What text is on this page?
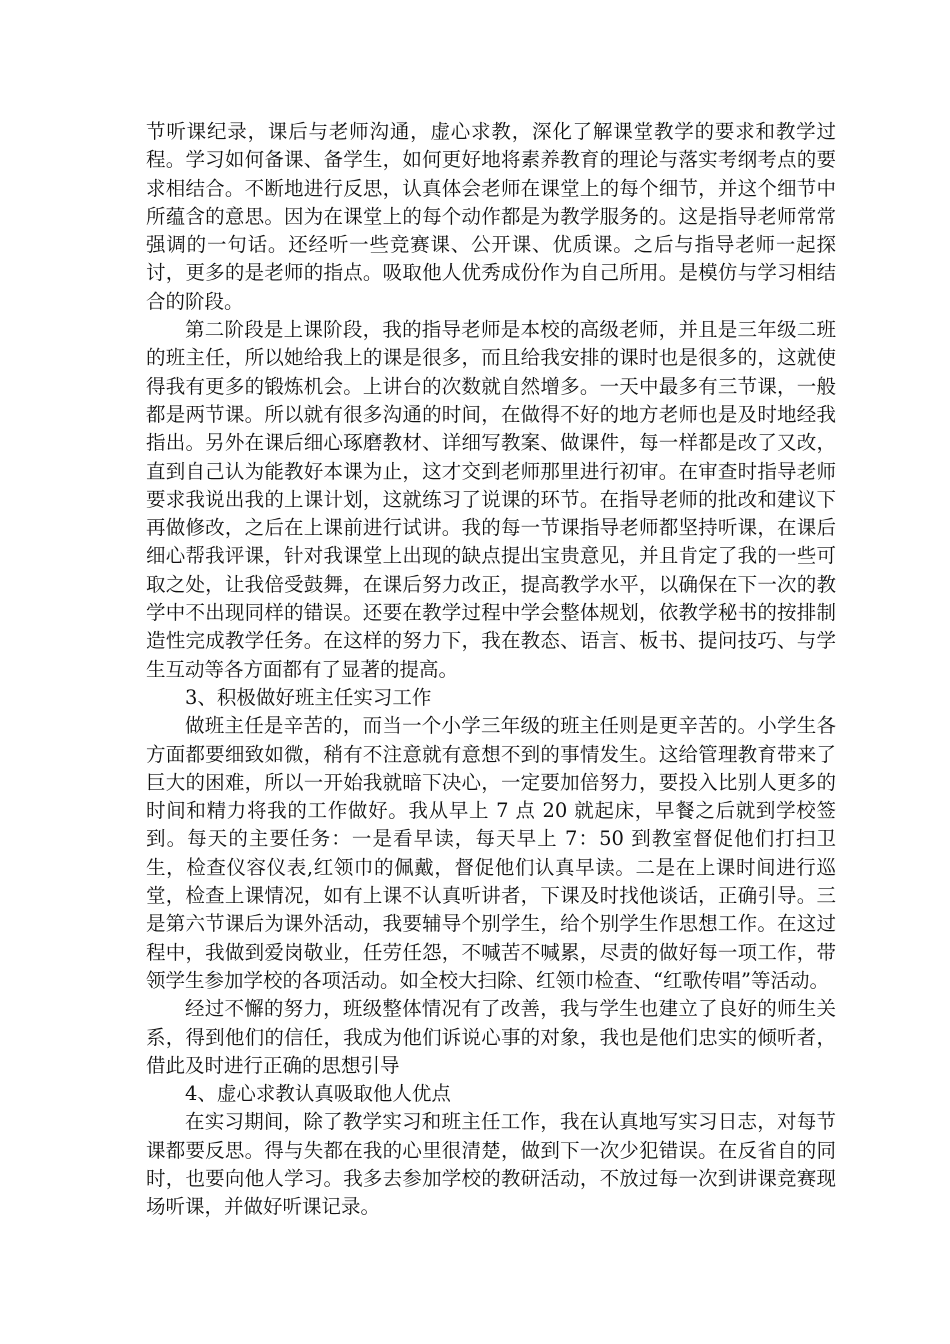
节听课纪录，课后与老师沟通，虚心求教，深化了解课堂教学的要求和教学过程。学习如何备课、备学生，如何更好地将素养教育的理论与落实考纲考点的要求相结合。不断地进行反思，认真体会老师在课堂上的每个细节，并这个细节中所蕴含的意思。因为在课堂上的每个动作都是为教学服务的。这是指导老师常常强调的一句话。还经听一些竞赛课、公开课、优质课。之后与指导老师一起探讨，更多的是老师的指点。吸取他人优秀成份作为自己所用。是模仿与学习相结合的阶段。

第二阶段是上课阶段，我的指导老师是本校的高级老师，并且是三年级二班的班主任，所以她给我上的课是很多，而且给我安排的课时也是很多的，这就使得我有更多的锻炼机会。上讲台的次数就自然增多。一天中最多有三节课，一般都是两节课。所以就有很多沟通的时间，在做得不好的地方老师也是及时地经我指出。另外在课后细心琢磨教材、详细写教案、做课件，每一样都是改了又改，直到自己认为能教好本课为止，这才交到老师那里进行初审。在审查时指导老师要求我说出我的上课计划，这就练习了说课的环节。在指导老师的批改和建议下再做修改，之后在上课前进行试讲。我的每一节课指导老师都坚持听课，在课后细心帮我评课，针对我课堂上出现的缺点提出宝贵意见，并且肯定了我的一些可取之处，让我倍受鼓舞，在课后努力改正，提高教学水平，以确保在下一次的教学中不出现同样的错误。还要在教学过程中学会整体规划，依教学秘书的按排制造性完成教学任务。在这样的努力下，我在教态、语言、板书、提问技巧、与学生互动等各方面都有了显著的提高。

3、积极做好班主任实习工作

做班主任是辛苦的，而当一个小学三年级的班主任则是更辛苦的。小学生各方面都要细致如微，稍有不注意就有意想不到的事情发生。这给管理教育带来了巨大的困难，所以一开始我就暗下决心，一定要加倍努力，要投入比别人更多的时间和精力将我的工作做好。我从早上 7 点 20 就起床，早餐之后就到学校签到。每天的主要任务：一是看早读，每天早上 7：50 到教室督促他们打扫卫生，检查仪容仪表,红领巾的佩戴，督促他们认真早读。二是在上课时间进行巡堂，检查上课情况，如有上课不认真听讲者，下课及时找他谈话，正确引导。三是第六节课后为课外活动，我要辅导个别学生，给个别学生作思想工作。在这过程中，我做到爱岗敬业，任劳任怨，不喊苦不喊累，尽责的做好每一项工作，带领学生参加学校的各项活动。如全校大扫除、红领巾检查、“红歌传唱”等活动。

经过不懈的努力，班级整体情况有了改善，我与学生也建立了良好的师生关系，得到他们的信任，我成为他们诉说心事的对象，我也是他们忠实的倾听者，借此及时进行正确的思想引导

4、虚心求教认真吸取他人优点

在实习期间，除了教学实习和班主任工作，我在认真地写实习日志，对每节课都要反思。得与失都在我的心里很清楚，做到下一次少犯错误。在反省自的同时，也要向他人学习。我多去参加学校的教研活动，不放过每一次到讲课竞赛现场听课，并做好听课记录。
